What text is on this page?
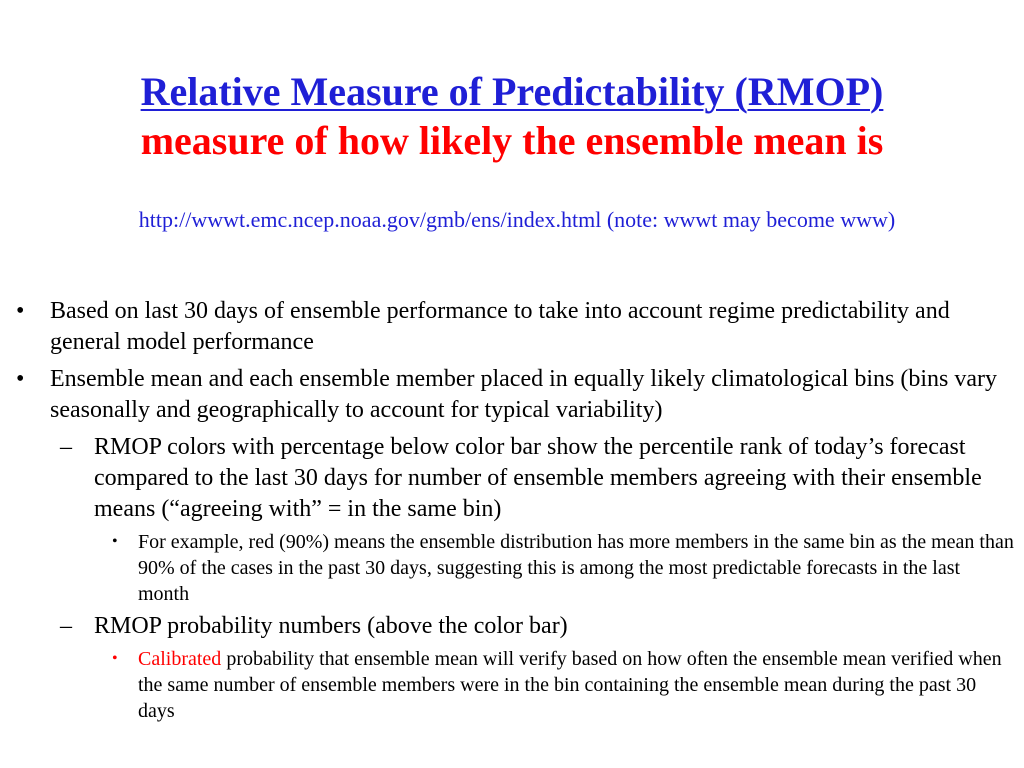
Relative Measure of Predictability (RMOP)
measure of how likely the ensemble mean is
http://wwwt.emc.ncep.noaa.gov/gmb/ens/index.html (note: wwwt may become www)
• Based on last 30 days of ensemble performance to take into account regime predictability and general model performance
• Ensemble mean and each ensemble member placed in equally likely climatological bins (bins vary seasonally and geographically to account for typical variability)
– RMOP colors with percentage below color bar show the percentile rank of today’s forecast compared to the last 30 days for number of ensemble members agreeing with their ensemble means (“agreeing with” = in the same bin)
• For example, red (90%) means the ensemble distribution has more members in the same bin as the mean than 90% of the cases in the past 30 days, suggesting this is among the most predictable forecasts in the last month
– RMOP probability numbers (above the color bar)
• Calibrated probability that ensemble mean will verify based on how often the ensemble mean verified when the same number of ensemble members were in the bin containing the ensemble mean during the past 30 days
